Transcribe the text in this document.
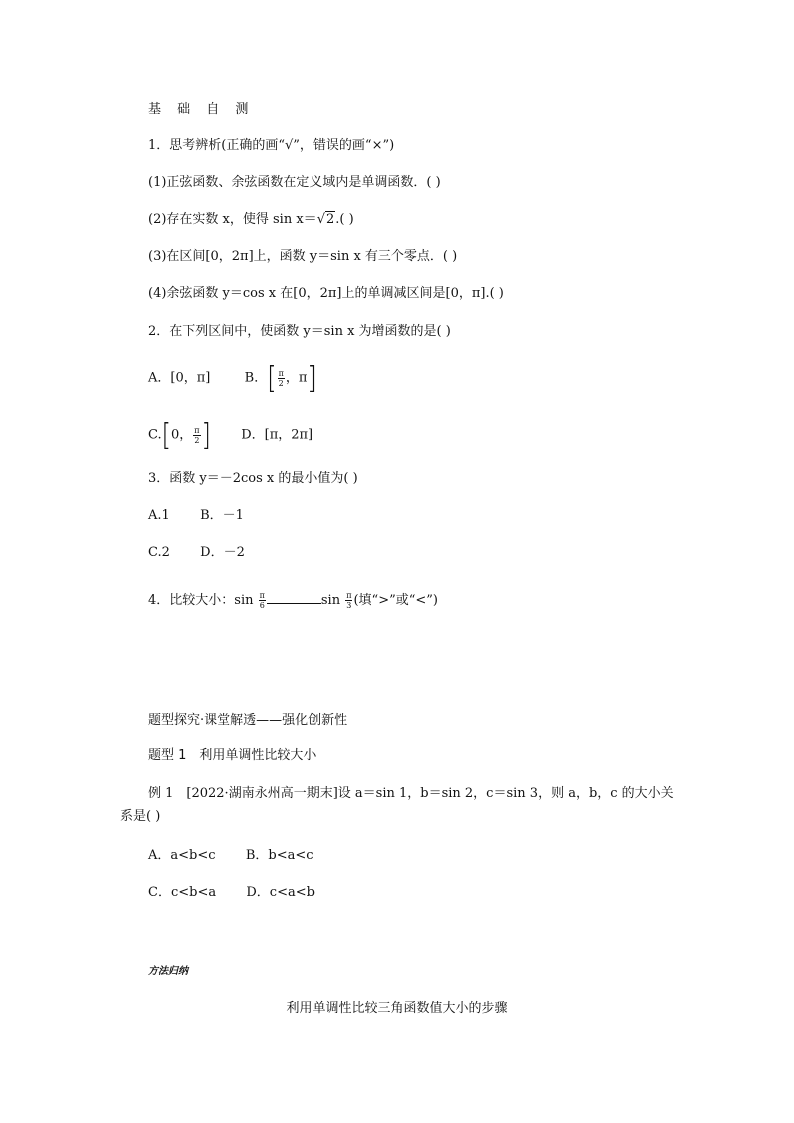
基 础 自 测
1．思考辨析(正确的画“√”，错误的画“×”)
(1)正弦函数、余弦函数在定义域内是单调函数．( )
(2)存在实数 x，使得 sin x＝√2.( )
(3)在区间[0，2π]上，函数 y＝sin x 有三个零点．( )
(4)余弦函数 y＝cos x 在[0，2π]上的单调减区间是[0，π].( )
2．在下列区间中，使函数 y＝sin x 为增函数的是( )
A．[0，π]	B．[ $\frac{\pi}{2}$ ，π]
C.[0， $\frac{\pi}{2}$ ] D．[π，2π]
3．函数 y＝－2cos x 的最小值为( )
A.1 B．－1
C.2 D．－2
4．比较大小：$\sin \frac{\pi}{6}$	$\sin \frac{\pi}{3}$ (填“>”或“<”)
题型探究·课堂解透——强化创新性
题型 1　利用单调性比较大小
例 1　[2022·湖南永州高一期末]设 a＝sin 1，b＝sin 2，c＝sin 3，则 a，b，c 的大小关
系是( )
A．a<b<c B．b<a<c
C．c<b<a D．c<a<b
方法归纳
利用单调性比较三角函数值大小的步骤
